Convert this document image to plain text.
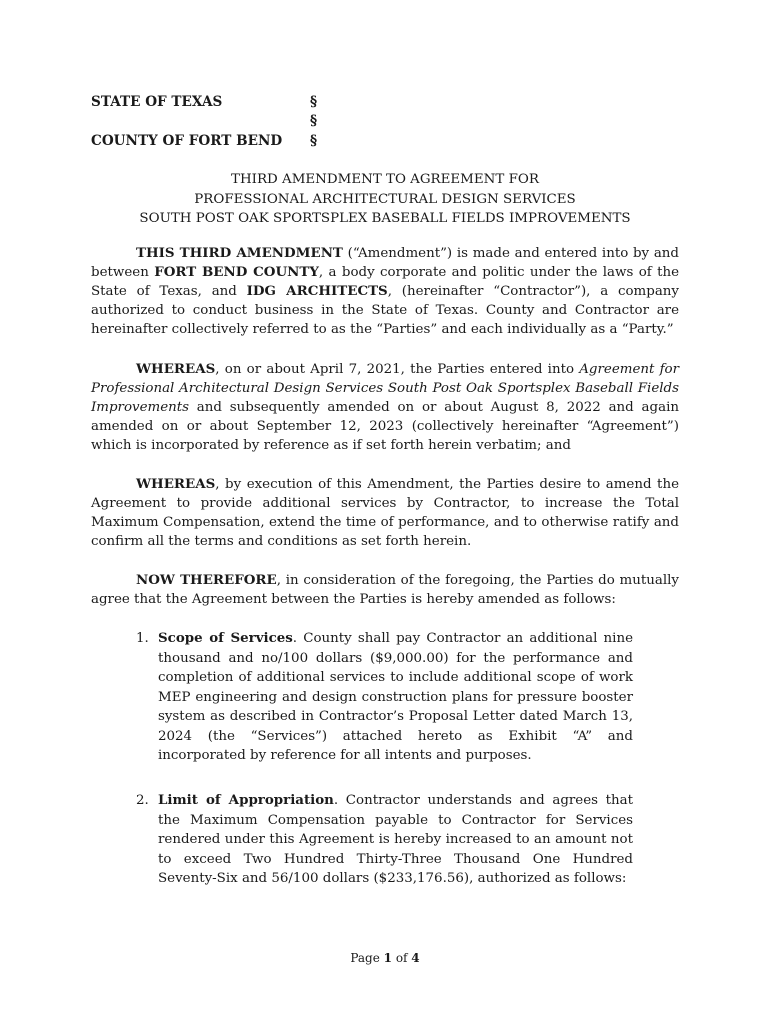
STATE OF TEXAS
COUNTY OF FORT BEND
§
§
§
THIRD AMENDMENT TO AGREEMENT FOR
PROFESSIONAL ARCHITECTURAL DESIGN SERVICES
SOUTH POST OAK SPORTSPLEX BASEBALL FIELDS IMPROVEMENTS
THIS THIRD AMENDMENT (“Amendment”) is made and entered into by and between FORT BEND COUNTY, a body corporate and politic under the laws of the State of Texas, and IDG ARCHITECTS, (hereinafter “Contractor”), a company authorized to conduct business in the State of Texas. County and Contractor are hereinafter collectively referred to as the “Parties” and each individually as a “Party.”
WHEREAS, on or about April 7, 2021, the Parties entered into Agreement for Professional Architectural Design Services South Post Oak Sportsplex Baseball Fields Improvements and subsequently amended on or about August 8, 2022 and again amended on or about September 12, 2023 (collectively hereinafter “Agreement”) which is incorporated by reference as if set forth herein verbatim; and
WHEREAS, by execution of this Amendment, the Parties desire to amend the Agreement to provide additional services by Contractor, to increase the Total Maximum Compensation, extend the time of performance, and to otherwise ratify and confirm all the terms and conditions as set forth herein.
NOW THEREFORE, in consideration of the foregoing, the Parties do mutually agree that the Agreement between the Parties is hereby amended as follows:
1. Scope of Services. County shall pay Contractor an additional nine thousand and no/100 dollars ($9,000.00) for the performance and completion of additional services to include additional scope of work MEP engineering and design construction plans for pressure booster system as described in Contractor’s Proposal Letter dated March 13, 2024 (the “Services”) attached hereto as Exhibit “A” and incorporated by reference for all intents and purposes.
2. Limit of Appropriation. Contractor understands and agrees that the Maximum Compensation payable to Contractor for Services rendered under this Agreement is hereby increased to an amount not to exceed Two Hundred Thirty-Three Thousand One Hundred Seventy-Six and 56/100 dollars ($233,176.56), authorized as follows:
Page 1 of 4
